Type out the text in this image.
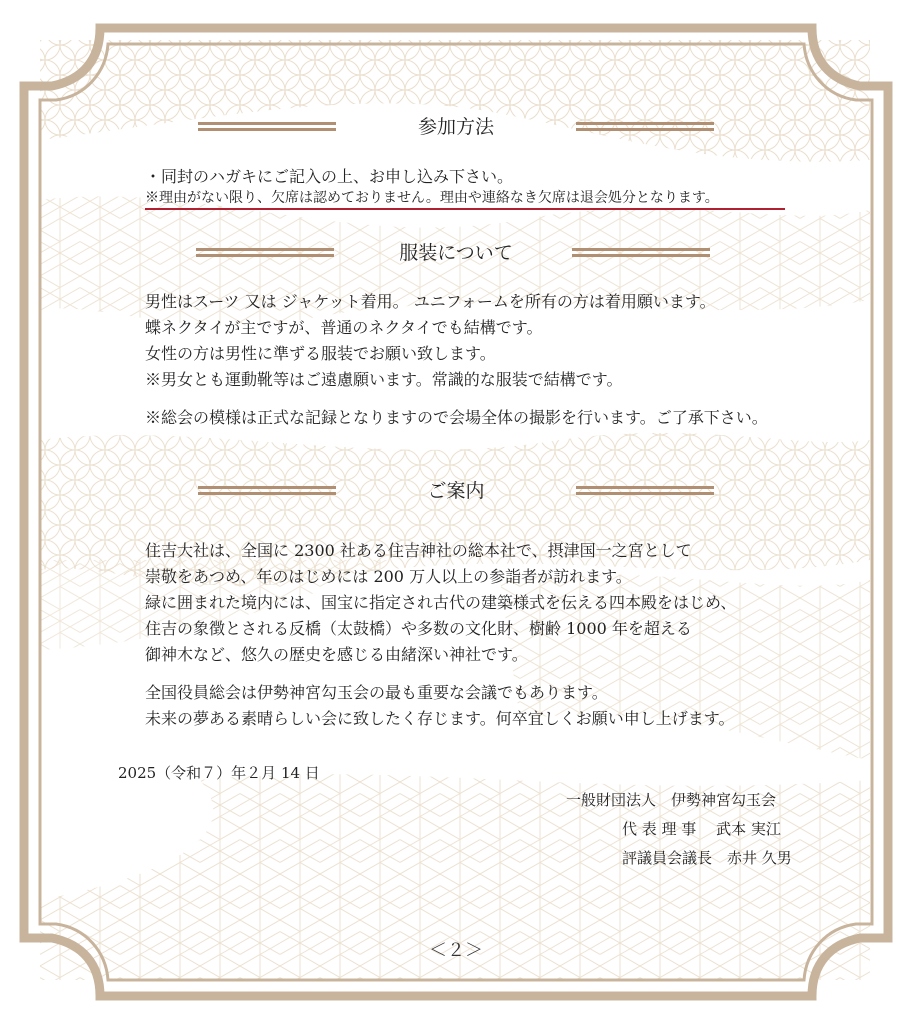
参加方法
・同封のハガキにご記入の上、お申し込み下さい。
※理由がない限り、欠席は認めておりません。理由や連絡なき欠席は退会処分となります。
服装について
男性はスーツ 又は ジャケット着用。 ユニフォームを所有の方は着用願います。
蝶ネクタイが主ですが、普通のネクタイでも結構です。
女性の方は男性に準ずる服装でお願い致します。
※男女とも運動靴等はご遠慮願います。常識的な服装で結構です。
※総会の模様は正式な記録となりますので会場全体の撮影を行います。ご了承下さい。
ご案内
住吉大社は、全国に 2300 社ある住吉神社の総本社で、摂津国一之宮として
崇敬をあつめ、年のはじめには 200 万人以上の参詣者が訪れます。
緑に囲まれた境内には、国宝に指定され古代の建築様式を伝える四本殿をはじめ、
住吉の象徴とされる反橋（太鼓橋）や多数の文化財、樹齢 1000 年を超える
御神木など、悠久の歴史を感じる由緒深い神社です。
全国役員総会は伊勢神宮勾玉会の最も重要な会議でもあります。
未来の夢ある素晴らしい会に致したく存じます。何卒宜しくお願い申し上げます。
2025（令和７）年２月 14 日
一般財団法人　伊勢神宮勾玉会
代 表 理 事　 武本 実江
評議員会議長　赤井 久男
＜２＞
